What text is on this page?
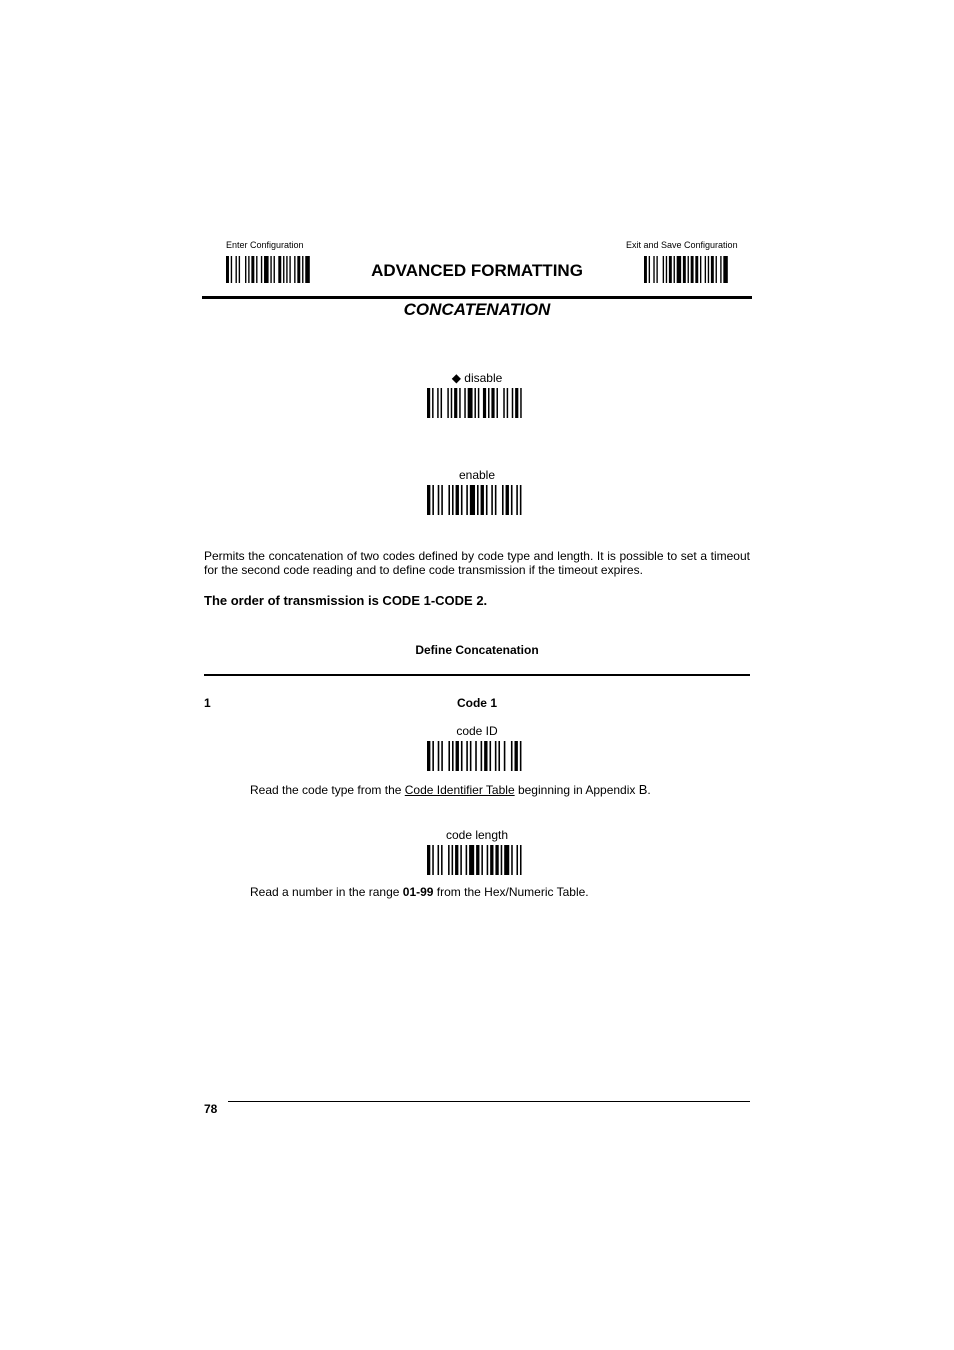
Enter Configuration	Exit and Save Configuration
ADVANCED FORMATTING
CONCATENATION
◆ disable
enable
Permits the concatenation of two codes defined by code type and length. It is possible to set a timeout for the second code reading and to define code transmission if the timeout expires.
The order of transmission is CODE 1-CODE 2.
Define Concatenation
1	Code 1
code ID
Read the code type from the Code Identifier Table beginning in Appendix B.
code length
Read a number in the range 01-99 from the Hex/Numeric Table.
78
